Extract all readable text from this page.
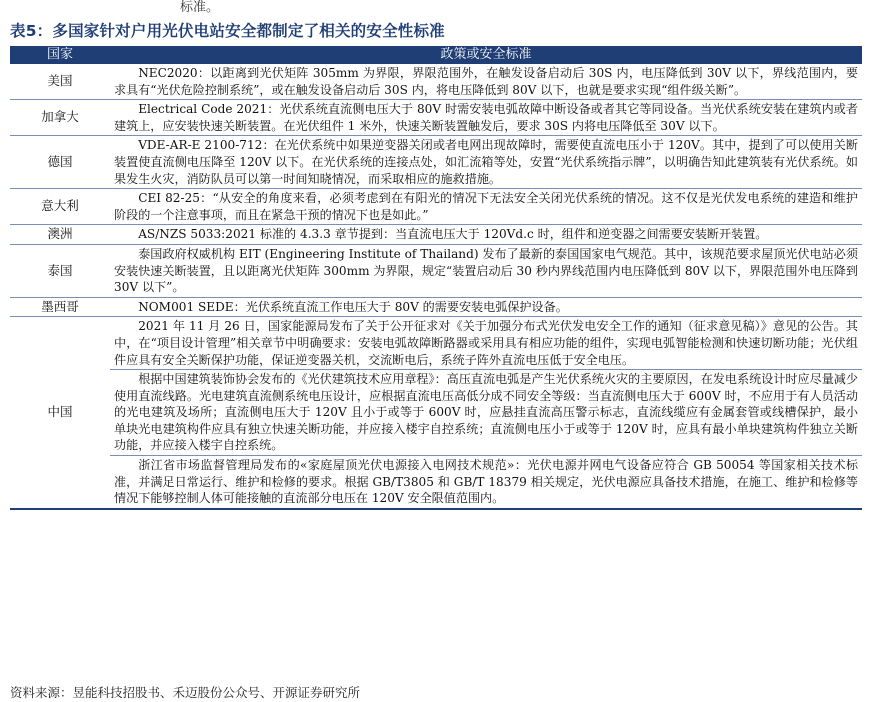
标准。
表5：多国家针对户用光伏电站安全都制定了相关的安全性标准
国家	政策或安全标准
美国	NEC2020：以距离到光伏矩阵 305mm 为界限，界限范围外，在触发设备启动后 30S 内，电压降低到 30V 以下，界线范围内，要求具有“光伏危险控制系统”，或在触发设备启动后 30S 内，将电压降低到 80V 以下，也就是要求实现“组件级关断”。

加拿大	Electrical Code 2021：光伏系统直流侧电压大于 80V 时需安装电弧故障中断设备或者其它等同设备。当光伏系统安装在建筑内或者建筑上，应安装快速关断装置。在光伏组件 1 米外，快速关断装置触发后，要求 30S 内将电压降低至 30V 以下。

德国	VDE-AR-E 2100-712：在光伏系统中如果逆变器关闭或者电网出现故障时，需要使直流电压小于 120V。其中，提到了可以使用关断装置使直流侧电压降至 120V 以下。在光伏系统的连接点处，如汇流箱等处，安置“光伏系统指示牌”，以明确告知此建筑装有光伏系统。如果发生火灾，消防队员可以第一时间知晓情况，而采取相应的施救措施。

意大利	CEI 82-25：“从安全的角度来看，必须考虑到在有阳光的情况下无法安全关闭光伏系统的情况。这不仅是光伏发电系统的建造和维护阶段的一个注意事项，而且在紧急干预的情况下也是如此。”

澳洲	AS/NZS 5033:2021 标准的 4.3.3 章节提到：当直流电压大于 120Vd.c 时，组件和逆变器之间需要安装断开装置。

泰国	泰国政府权威机构 EIT (Engineering Institute of Thailand) 发布了最新的泰国国家电气规范。其中，该规范要求屋顶光伏电站必须安装快速关断装置，且以距离光伏矩阵 300mm 为界限，规定“装置启动后 30 秒内界线范围内电压降低到 80V 以下，界限范围外电压降到 30V 以下”。

墨西哥	NOM001 SEDE：光伏系统直流工作电压大于 80V 的需要安装电弧保护设备。

中国	2021 年 11 月 26 日，国家能源局发布了关于公开征求对《关于加强分布式光伏发电安全工作的通知（征求意见稿）》意见的公告。其中，在“项目设计管理”相关章节中明确要求：安装电弧故障断路器或采用具有相应功能的组件，实现电弧智能检测和快速切断功能；光伏组件应具有安全关断保护功能，保证逆变器关机，交流断电后，系统子阵外直流电压低于安全电压。

根据中国建筑装饰协会发布的《光伏建筑技术应用章程》：高压直流电弧是产生光伏系统火灾的主要原因，在发电系统设计时应尽量减少使用直流线路。光电建筑直流侧系统电压设计，应根据直流电压高低分成不同安全等级：当直流侧电压大于 600V 时，不应用于有人员活动的光电建筑及场所；直流侧电压大于 120V 且小于或等于 600V 时，应悬挂直流高压警示标志，直流线缆应有金属套管或线槽保护，最小单块光电建筑构件应具有独立快速关断功能，并应接入楼宇自控系统；直流侧电压小于或等于 120V 时，应具有最小单块建筑构件独立关断功能，并应接入楼宇自控系统。

浙江省市场监督管理局发布的«家庭屋顶光伏电源接入电网技术规范»：光伏电源并网电气设备应符合 GB 50054 等国家相关技术标准，并满足日常运行、维护和检修的要求。根据 GB/T3805 和 GB/T 18379 相关规定，光伏电源应具备技术措施，在施工、维护和检修等情况下能够控制人体可能接触的直流部分电压在 120V 安全限值范围内。

资料来源：昱能科技招股书、禾迈股份公众号、开源证券研究所
